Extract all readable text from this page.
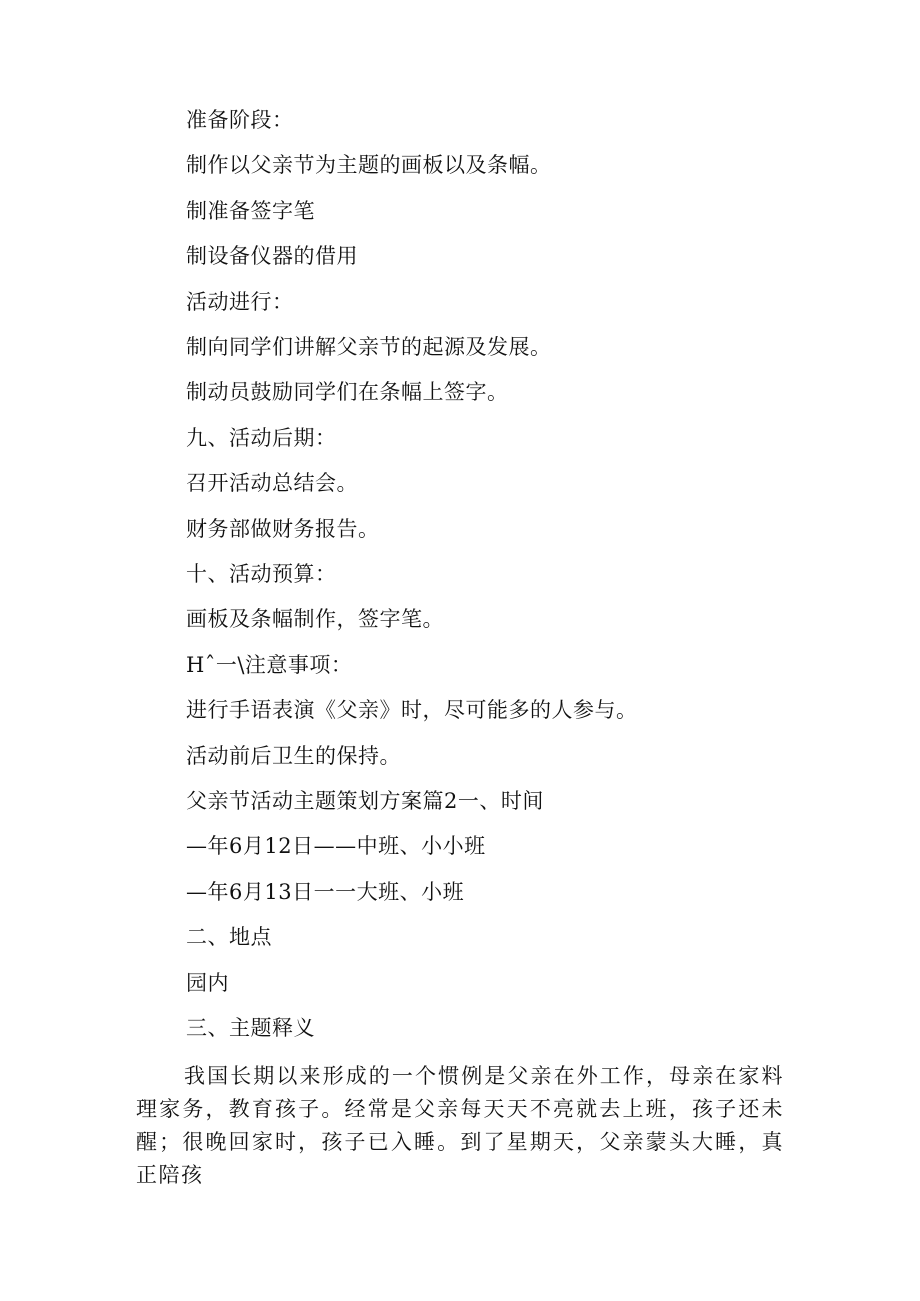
准备阶段：
制作以父亲节为主题的画板以及条幅。
制准备签字笔
制设备仪器的借用
活动进行：
制向同学们讲解父亲节的起源及发展。
制动员鼓励同学们在条幅上签字。
九、活动后期：
召开活动总结会。
财务部做财务报告。
十、活动预算：
画板及条幅制作，签字笔。
Hˆ一\注意事项：
进行手语表演《父亲》时，尽可能多的人参与。
活动前后卫生的保持。
父亲节活动主题策划方案篇2一、时间
—年6月12日——中班、小小班
—年6月13日一一大班、小班
二、地点
园内
三、主题释义
我国长期以来形成的一个惯例是父亲在外工作，母亲在家料理家务，教育孩子。经常是父亲每天天不亮就去上班，孩子还未醒；很晚回家时，孩子已入睡。到了星期天，父亲蒙头大睡，真正陪孩
